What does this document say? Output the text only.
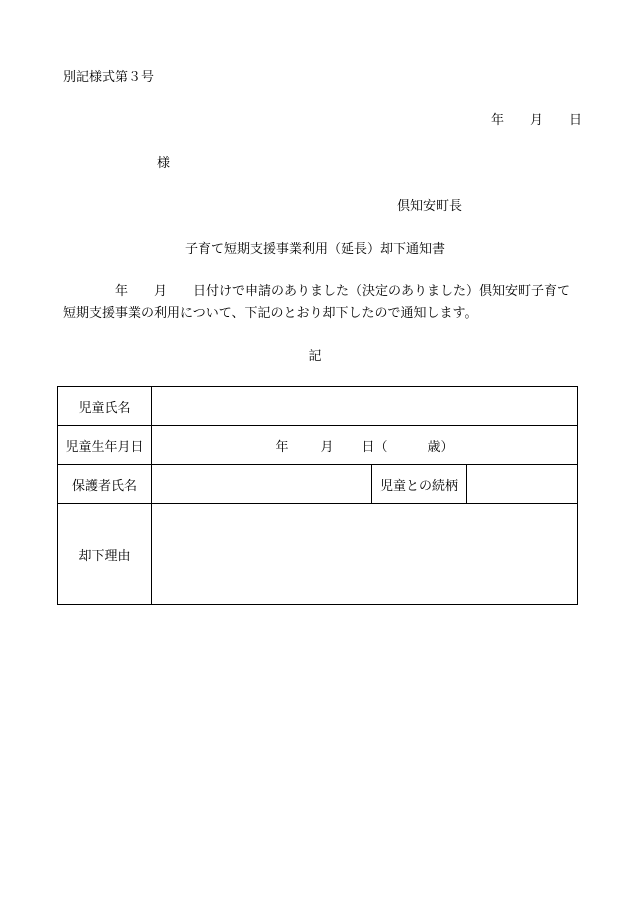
別記様式第３号
年 月 日
様
倶知安町長
子育て短期支援事業利用（延長）却下通知書
年 月 日付けで申請のありました（決定のありました）倶知安町子育て短期支援事業の利用について、下記のとおり却下したので通知します。
記
児童氏名			
児童生年月日	年 月 日（ 歳）		
保護者氏名		児童との続柄	
却下理由			
